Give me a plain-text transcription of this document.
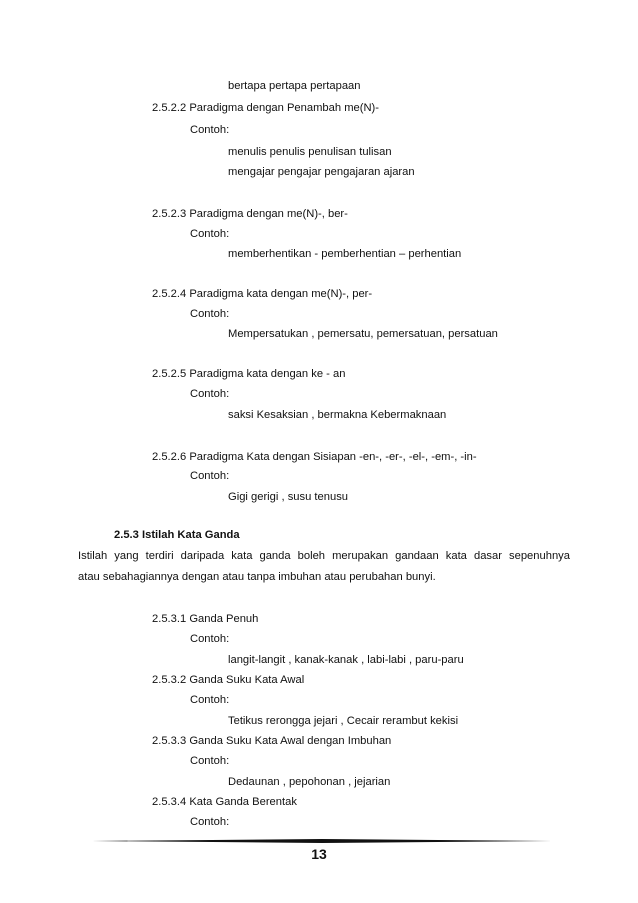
bertapa pertapa pertapaan
2.5.2.2 Paradigma dengan Penambah me(N)-
Contoh:
menulis penulis penulisan tulisan
mengajar pengajar pengajaran ajaran
2.5.2.3 Paradigma dengan me(N)-, ber-
Contoh:
memberhentikan - pemberhentian – perhentian
2.5.2.4 Paradigma kata dengan me(N)-, per-
Contoh:
Mempersatukan , pemersatu, pemersatuan, persatuan
2.5.2.5 Paradigma kata dengan ke - an
Contoh:
saksi Kesaksian , bermakna Kebermaknaan
2.5.2.6 Paradigma Kata dengan Sisiapan -en-, -er-, -el-, -em-, -in-
Contoh:
Gigi gerigi , susu tenusu
2.5.3 Istilah Kata Ganda
Istilah yang terdiri daripada kata ganda boleh merupakan gandaan kata dasar sepenuhnya
atau sebahagiannya dengan atau tanpa imbuhan atau perubahan bunyi.
2.5.3.1 Ganda Penuh
Contoh:
langit-langit , kanak-kanak , labi-labi , paru-paru
2.5.3.2 Ganda Suku Kata Awal
Contoh:
Tetikus rerongga jejari , Cecair rerambut kekisi
2.5.3.3 Ganda Suku Kata Awal dengan Imbuhan
Contoh:
Dedaunan , pepohonan , jejarian
2.5.3.4 Kata Ganda Berentak
Contoh:
13
